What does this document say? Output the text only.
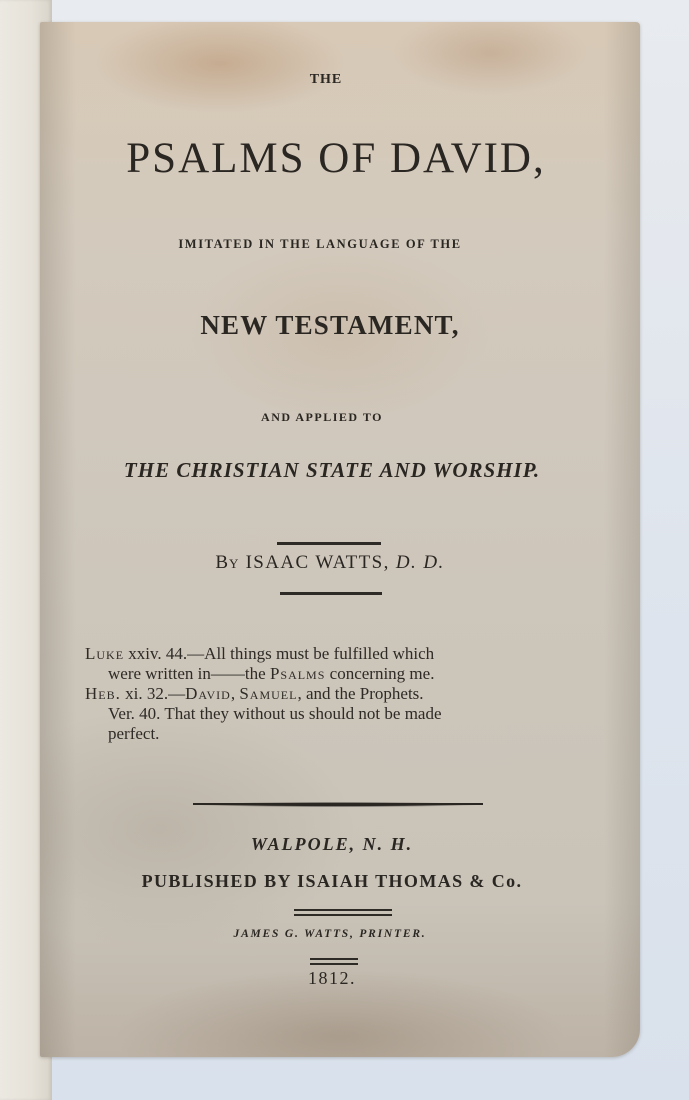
THE
PSALMS OF DAVID,
IMITATED IN THE LANGUAGE OF THE
NEW TESTAMENT,
AND APPLIED TO
THE CHRISTIAN STATE AND WORSHIP.
By ISAAC WATTS, D. D.
Luke xxiv. 44.—All things must be fulfilled which
were written in——the Psalms concerning me.
Heb. xi. 32.—David, Samuel, and the Prophets.
Ver. 40. That they without us should not be made
perfect.
WALPOLE, N. H.
PUBLISHED BY ISAIAH THOMAS & Co.
JAMES G. WATTS, PRINTER.
1812.
